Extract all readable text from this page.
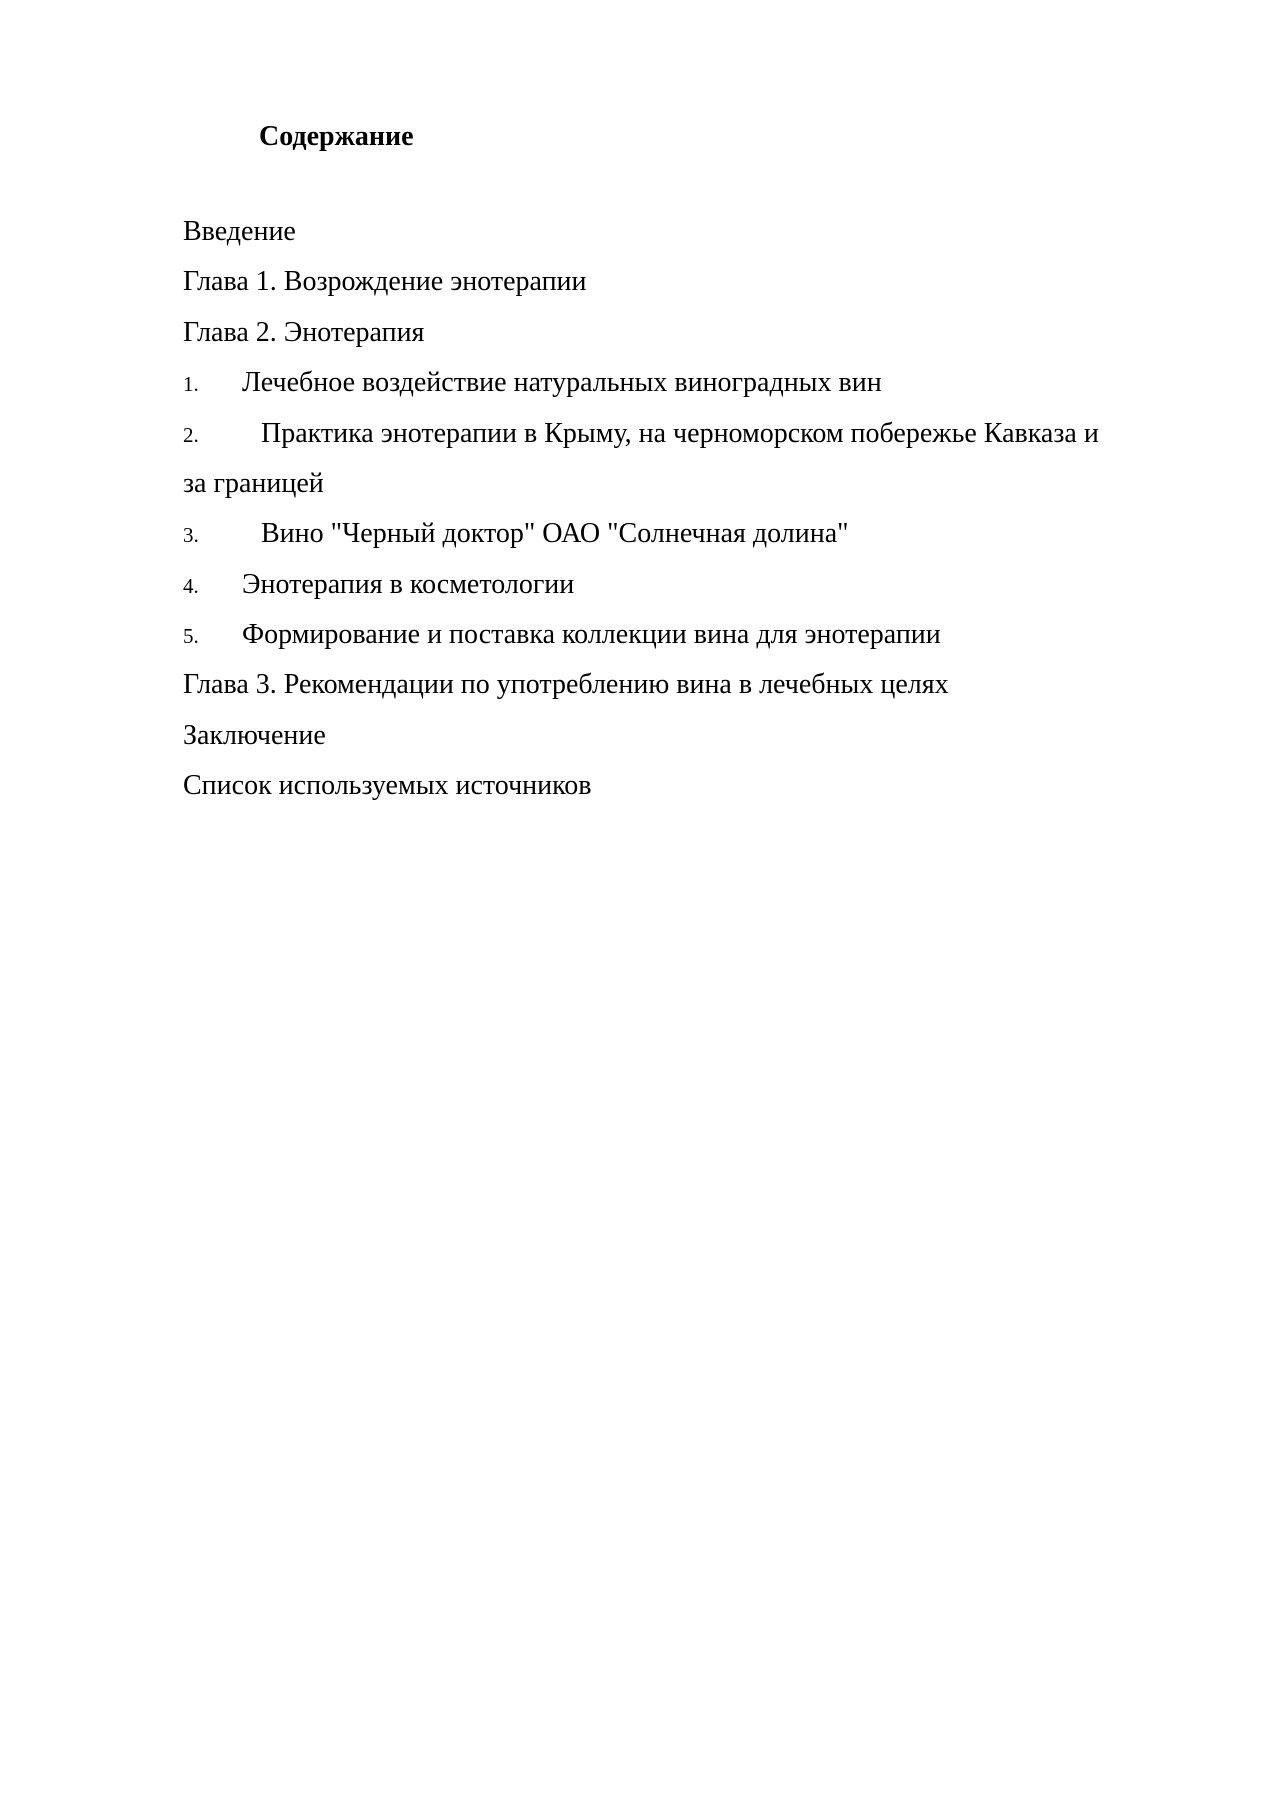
Содержание
Введение
Глава 1. Возрождение энотерапии
Глава 2. Энотерапия
1. Лечебное воздействие натуральных виноградных вин
2. Практика энотерапии в Крыму, на черноморском побережье Кавказа и
за границей
3. Вино "Черный доктор" ОАО "Солнечная долина"
4. Энотерапия в косметологии
5. Формирование и поставка коллекции вина для энотерапии
Глава 3. Рекомендации по употреблению вина в лечебных целях
Заключение
Список используемых источников
